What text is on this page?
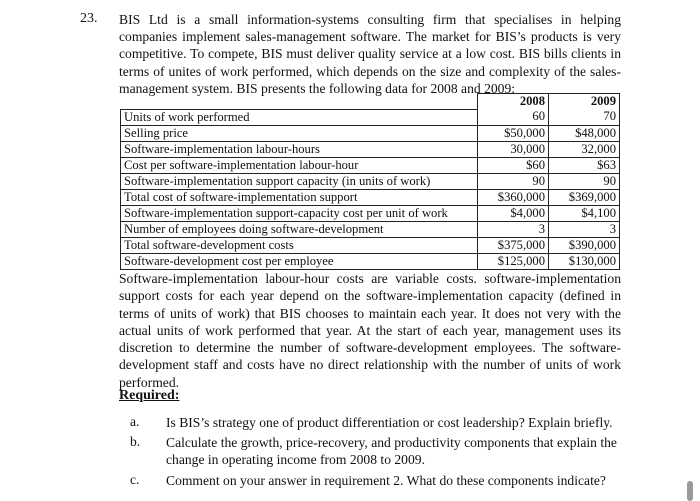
23. BIS Ltd is a small information-systems consulting firm that specialises in helping companies implement sales-management software. The market for BIS’s products is very competitive. To compete, BIS must deliver quality service at a low cost. BIS bills clients in terms of unites of work performed, which depends on the size and complexity of the sales-management system. BIS presents the following data for 2008 and 2009:
	2008	2009
Units of work performed	60	70
Selling price	$50,000	$48,000
Software-implementation labour-hours	30,000	32,000
Cost per software-implementation labour-hour	$60	$63
Software-implementation support capacity (in units of work)	90	90
Total cost of software-implementation support	$360,000	$369,000
Software-implementation support-capacity cost per unit of work	$4,000	$4,100
Number of employees doing software-development	3	3
Total software-development costs	$375,000	$390,000
Software-development cost per employee	$125,000	$130,000
Software-implementation labour-hour costs are variable costs. software-implementation support costs for each year depend on the software-implementation capacity (defined in terms of units of work) that BIS chooses to maintain each year. It does not very with the actual units of work performed that year. At the start of each year, management uses its discretion to determine the number of software-development employees. The software-development staff and costs have no direct relationship with the number of units of work performed.
Required:
a. Is BIS’s strategy one of product differentiation or cost leadership? Explain briefly.
b. Calculate the growth, price-recovery, and productivity components that explain the change in operating income from 2008 to 2009.
c. Comment on your answer in requirement 2. What do these components indicate?
